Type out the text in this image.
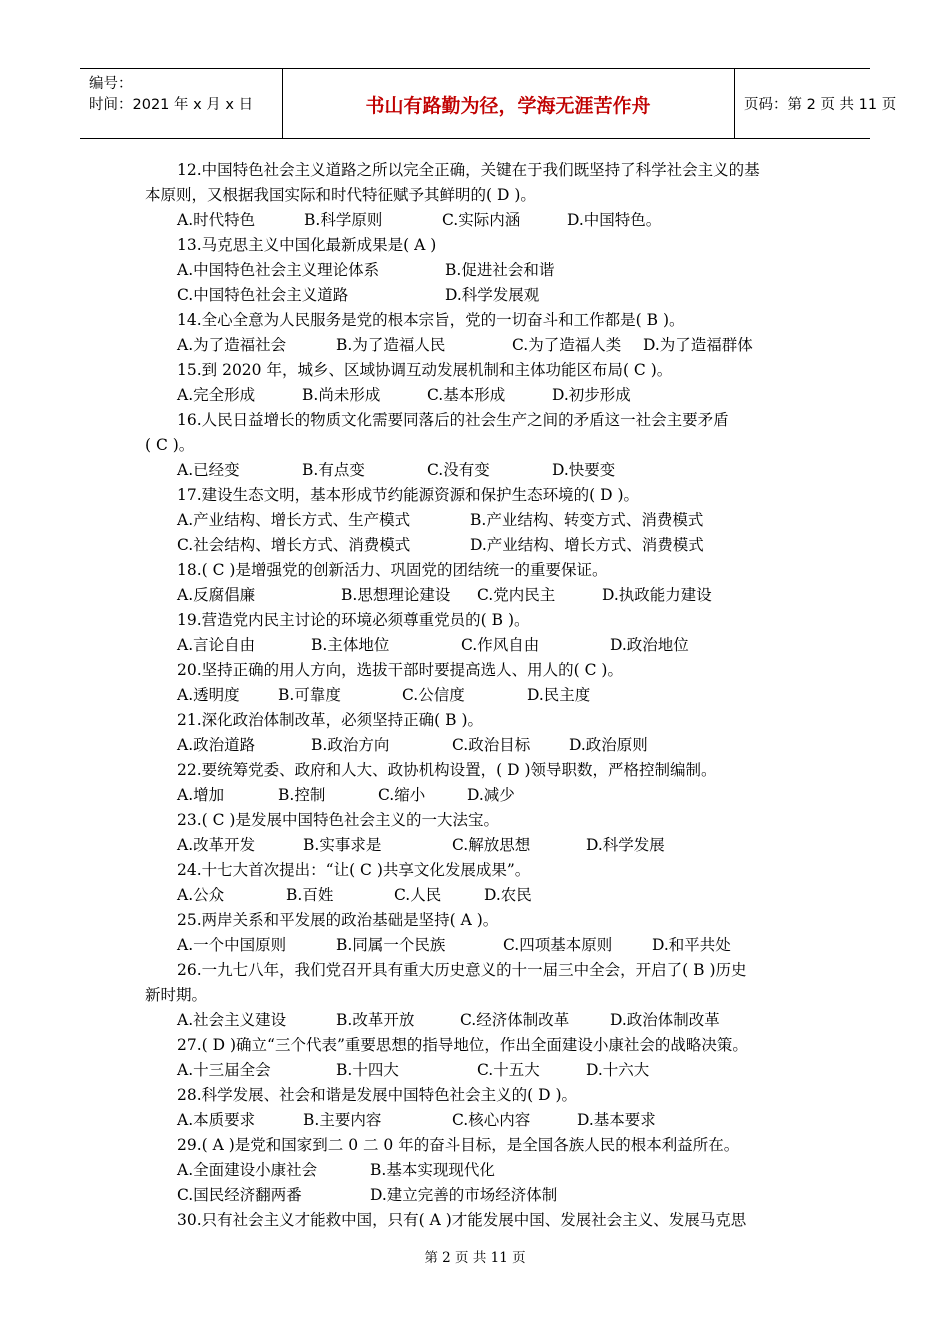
编号：
时间：2021 年 x 月 x 日	书山有路勤为径，学海无涯苦作舟	页码：第 2 页 共 11 页
12.中国特色社会主义道路之所以完全正确，关键在于我们既坚持了科学社会主义的基
本原则，又根据我国实际和时代特征赋予其鲜明的( D )。
A.时代特色	B.科学原则	C.实际内涵	D.中国特色。
13.马克思主义中国化最新成果是( A )
A.中国特色社会主义理论体系	B.促进社会和谐
C.中国特色社会主义道路	D.科学发展观
14.全心全意为人民服务是党的根本宗旨，党的一切奋斗和工作都是( B )。
A.为了造福社会	B.为了造福人民	C.为了造福人类 D.为了造福群体
15.到 2020 年，城乡、区域协调互动发展机制和主体功能区布局( C )。
A.完全形成	B.尚未形成	C.基本形成	D.初步形成
16.人民日益增长的物质文化需要同落后的社会生产之间的矛盾这一社会主要矛盾
( C )。
A.已经变	B.有点变	C.没有变	D.快要变
17.建设生态文明，基本形成节约能源资源和保护生态环境的( D )。
A.产业结构、增长方式、生产模式	B.产业结构、转变方式、消费模式
C.社会结构、增长方式、消费模式	D.产业结构、增长方式、消费模式
18.( C )是增强党的创新活力、巩固党的团结统一的重要保证。
A.反腐倡廉	B.思想理论建设 C.党内民主	D.执政能力建设
19.营造党内民主讨论的环境必须尊重党员的( B )。
A.言论自由	B.主体地位	C.作风自由	D.政治地位
20.坚持正确的用人方向，选拔干部时要提高选人、用人的( C )。
A.透明度 B.可靠度	C.公信度	D.民主度
21.深化政治体制改革，必须坚持正确( B )。
A.政治道路	B.政治方向	C.政治目标	D.政治原则
22.要统筹党委、政府和人大、政协机构设置，( D )领导职数，严格控制编制。
A.增加	B.控制	C.缩小	D.减少
23.( C )是发展中国特色社会主义的一大法宝。
A.改革开发	B.实事求是	C.解放思想	D.科学发展
24.十七大首次提出：“让( C )共享文化发展成果”。
A.公众	B.百姓	C.人民	D.农民
25.两岸关系和平发展的政治基础是坚持( A )。
A.一个中国原则	B.同属一个民族	C.四项基本原则	D.和平共处
26.一九七八年，我们党召开具有重大历史意义的十一届三中全会，开启了( B )历史
新时期。
A.社会主义建设	B.改革开放	C.经济体制改革	D.政治体制改革
27.( D )确立“三个代表”重要思想的指导地位，作出全面建设小康社会的战略决策。
A.十三届全会	B.十四大	C.十五大	D.十六大
28.科学发展、社会和谐是发展中国特色社会主义的( D )。
A.本质要求	B.主要内容	C.核心内容	D.基本要求
29.( A )是党和国家到二 0 二 0 年的奋斗目标，是全国各族人民的根本利益所在。
A.全面建设小康社会	B.基本实现现代化
C.国民经济翻两番	D.建立完善的市场经济体制
30.只有社会主义才能救中国，只有( A )才能发展中国、发展社会主义、发展马克思
第 2 页 共 11 页
